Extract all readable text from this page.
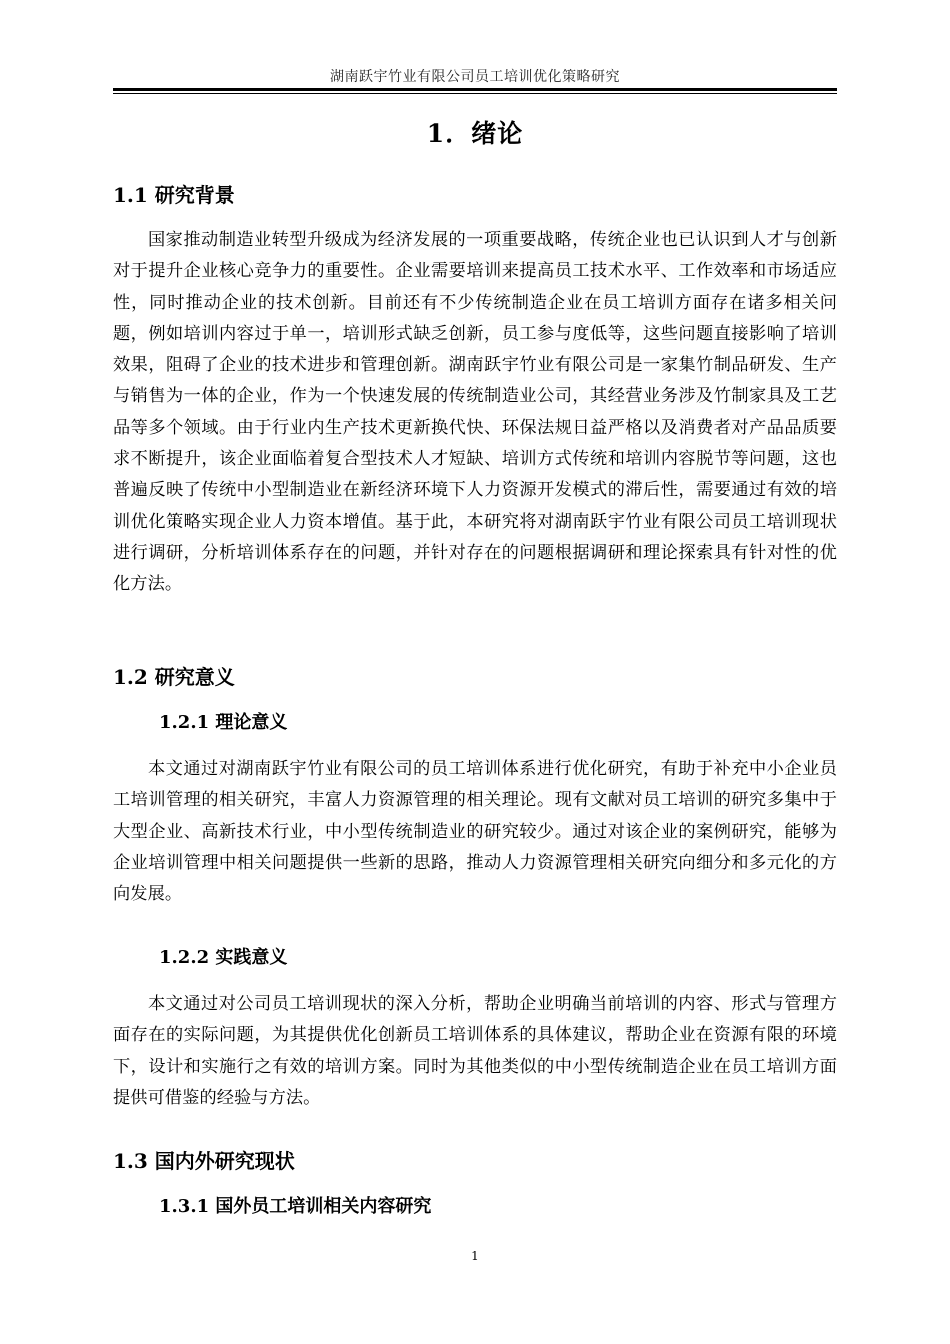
湖南跃宇竹业有限公司员工培训优化策略研究
1．绪论
1.1 研究背景
国家推动制造业转型升级成为经济发展的一项重要战略，传统企业也已认识到人才与创新对于提升企业核心竞争力的重要性。企业需要培训来提高员工技术水平、工作效率和市场适应性，同时推动企业的技术创新。目前还有不少传统制造企业在员工培训方面存在诸多相关问题，例如培训内容过于单一，培训形式缺乏创新，员工参与度低等，这些问题直接影响了培训效果，阻碍了企业的技术进步和管理创新。湖南跃宇竹业有限公司是一家集竹制品研发、生产与销售为一体的企业，作为一个快速发展的传统制造业公司，其经营业务涉及竹制家具及工艺品等多个领域。由于行业内生产技术更新换代快、环保法规日益严格以及消费者对产品品质要求不断提升，该企业面临着复合型技术人才短缺、培训方式传统和培训内容脱节等问题，这也普遍反映了传统中小型制造业在新经济环境下人力资源开发模式的滞后性，需要通过有效的培训优化策略实现企业人力资本增值。基于此，本研究将对湖南跃宇竹业有限公司员工培训现状进行调研，分析培训体系存在的问题，并针对存在的问题根据调研和理论探索具有针对性的优化方法。
1.2 研究意义
1.2.1 理论意义
本文通过对湖南跃宇竹业有限公司的员工培训体系进行优化研究，有助于补充中小企业员工培训管理的相关研究，丰富人力资源管理的相关理论。现有文献对员工培训的研究多集中于大型企业、高新技术行业，中小型传统制造业的研究较少。通过对该企业的案例研究，能够为企业培训管理中相关问题提供一些新的思路，推动人力资源管理相关研究向细分和多元化的方向发展。
1.2.2 实践意义
本文通过对公司员工培训现状的深入分析，帮助企业明确当前培训的内容、形式与管理方面存在的实际问题，为其提供优化创新员工培训体系的具体建议，帮助企业在资源有限的环境下，设计和实施行之有效的培训方案。同时为其他类似的中小型传统制造企业在员工培训方面提供可借鉴的经验与方法。
1.3 国内外研究现状
1.3.1 国外员工培训相关内容研究
1
